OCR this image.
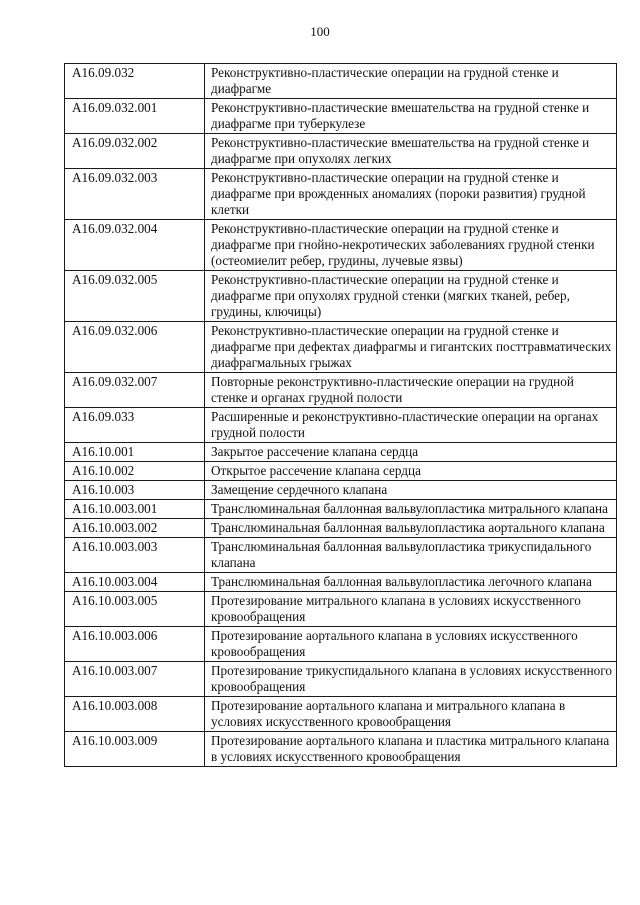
100
A16.09.032	Реконструктивно-пластические операции на грудной стенке и диафрагме
A16.09.032.001	Реконструктивно-пластические вмешательства на грудной стенке и диафрагме при туберкулезе
A16.09.032.002	Реконструктивно-пластические вмешательства на грудной стенке и диафрагме при опухолях легких
A16.09.032.003	Реконструктивно-пластические операции на грудной стенке и диафрагме при врожденных аномалиях (пороки развития) грудной клетки
A16.09.032.004	Реконструктивно-пластические операции на грудной стенке и диафрагме при гнойно-некротических заболеваниях грудной стенки (остеомиелит ребер, грудины, лучевые язвы)
A16.09.032.005	Реконструктивно-пластические операции на грудной стенке и диафрагме при опухолях грудной стенки (мягких тканей, ребер, грудины, ключицы)
A16.09.032.006	Реконструктивно-пластические операции на грудной стенке и диафрагме при дефектах диафрагмы и гигантских посттравматических диафрагмальных грыжах
A16.09.032.007	Повторные реконструктивно-пластические операции на грудной стенке и органах грудной полости
A16.09.033	Расширенные и реконструктивно-пластические операции на органах грудной полости
A16.10.001	Закрытое рассечение клапана сердца
A16.10.002	Открытое рассечение клапана сердца
A16.10.003	Замещение сердечного клапана
A16.10.003.001	Транслюминальная баллонная вальвулопластика митрального клапана
A16.10.003.002	Транслюминальная баллонная вальвулопластика аортального клапана
A16.10.003.003	Транслюминальная баллонная вальвулопластика трикуспидального клапана
A16.10.003.004	Транслюминальная баллонная вальвулопластика легочного клапана
A16.10.003.005	Протезирование митрального клапана в условиях искусственного кровообращения
A16.10.003.006	Протезирование аортального клапана в условиях искусственного кровообращения
A16.10.003.007	Протезирование трикуспидального клапана в условиях искусственного кровообращения
A16.10.003.008	Протезирование аортального клапана и митрального клапана в условиях искусственного кровообращения
A16.10.003.009	Протезирование аортального клапана и пластика митрального клапана в условиях искусственного кровообращения
